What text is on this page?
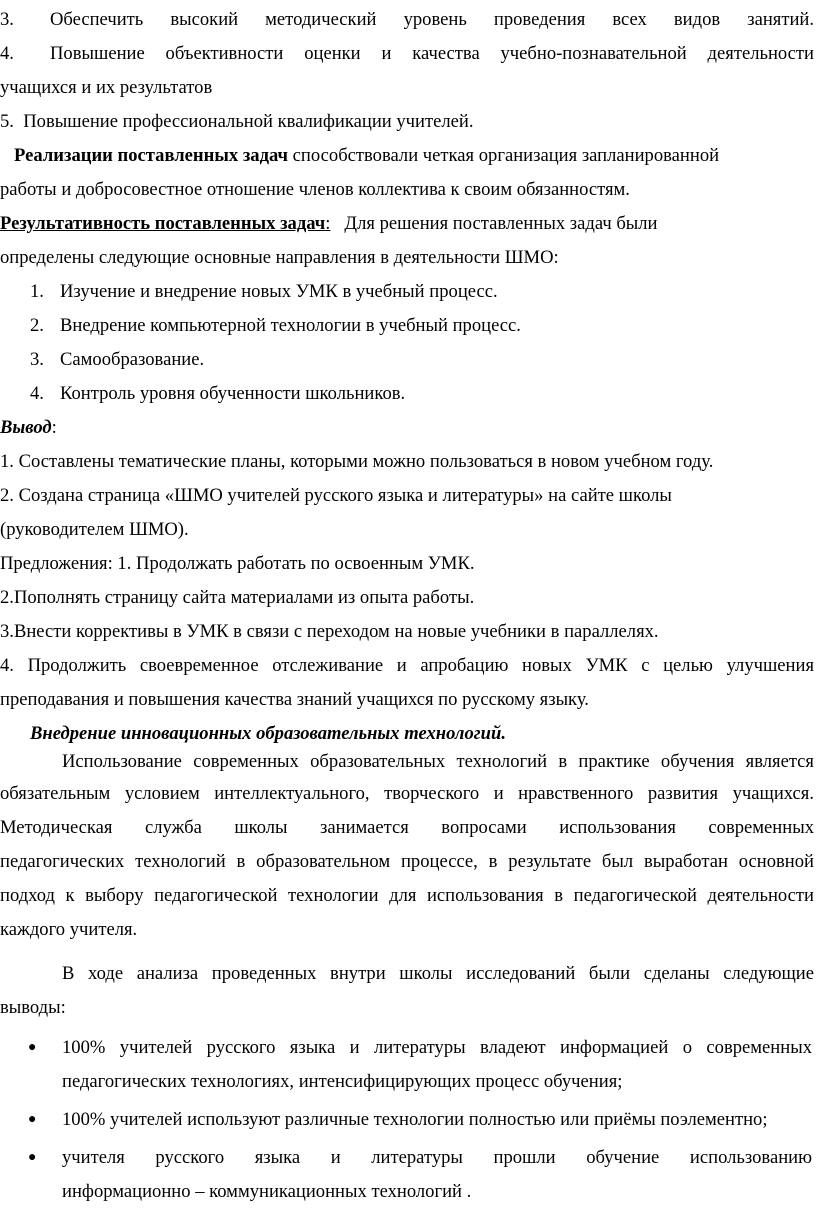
3. Обеспечить высокий методический уровень проведения всех видов занятий.

4. Повышение объективности оценки и качества учебно-познавательной деятельности

учащихся и их результатов

5. Повышение профессиональной квалификации учителей.

Реализации поставленных задач способствовали четкая организация запланированной

работы и добросовестное отношение членов коллектива к своим обязанностям.

Результативность поставленных задач: Для решения поставленных задач были

определены следующие основные направления в деятельности ШМО:

1. Изучение и внедрение новых УМК в учебный процесс.

2. Внедрение компьютерной технологии в учебный процесс.

3. Самообразование.

4. Контроль уровня обученности школьников.

Вывод:

1. Составлены тематические планы, которыми можно пользоваться в новом учебном году.

2. Создана страница «ШМО учителей русского языка и литературы» на сайте школы

(руководителем ШМО).

Предложения: 1. Продолжать работать по освоенным УМК.

2.Пополнять страницу сайта материалами из опыта работы.

3.Внести коррективы в УМК в связи с переходом на новые учебники в параллелях.

4. Продолжить своевременное отслеживание и апробацию новых УМК с целью улучшения

преподавания и повышения качества знаний учащихся по русскому языку.

Внедрение инновационных образовательных технологий.

Использование современных образовательных технологий в практике обучения является

обязательным условием интеллектуального, творческого и нравственного развития учащихся.

Методическая служба школы занимается вопросами использования современных

педагогических технологий в образовательном процессе, в результате был выработан основной

подход к выбору педагогической технологии для использования в педагогической деятельности

каждого учителя.

В ходе анализа проведенных внутри школы исследований были сделаны следующие

выводы:

●	100% учителей русского языка и литературы владеют информацией о современных

педагогических технологиях, интенсифицирующих процесс обучения;

●	100% учителей используют различные технологии полностью или приёмы поэлементно;

●	учителя русского языка и литературы прошли обучение использованию

информационно – коммуникационных технологий .
